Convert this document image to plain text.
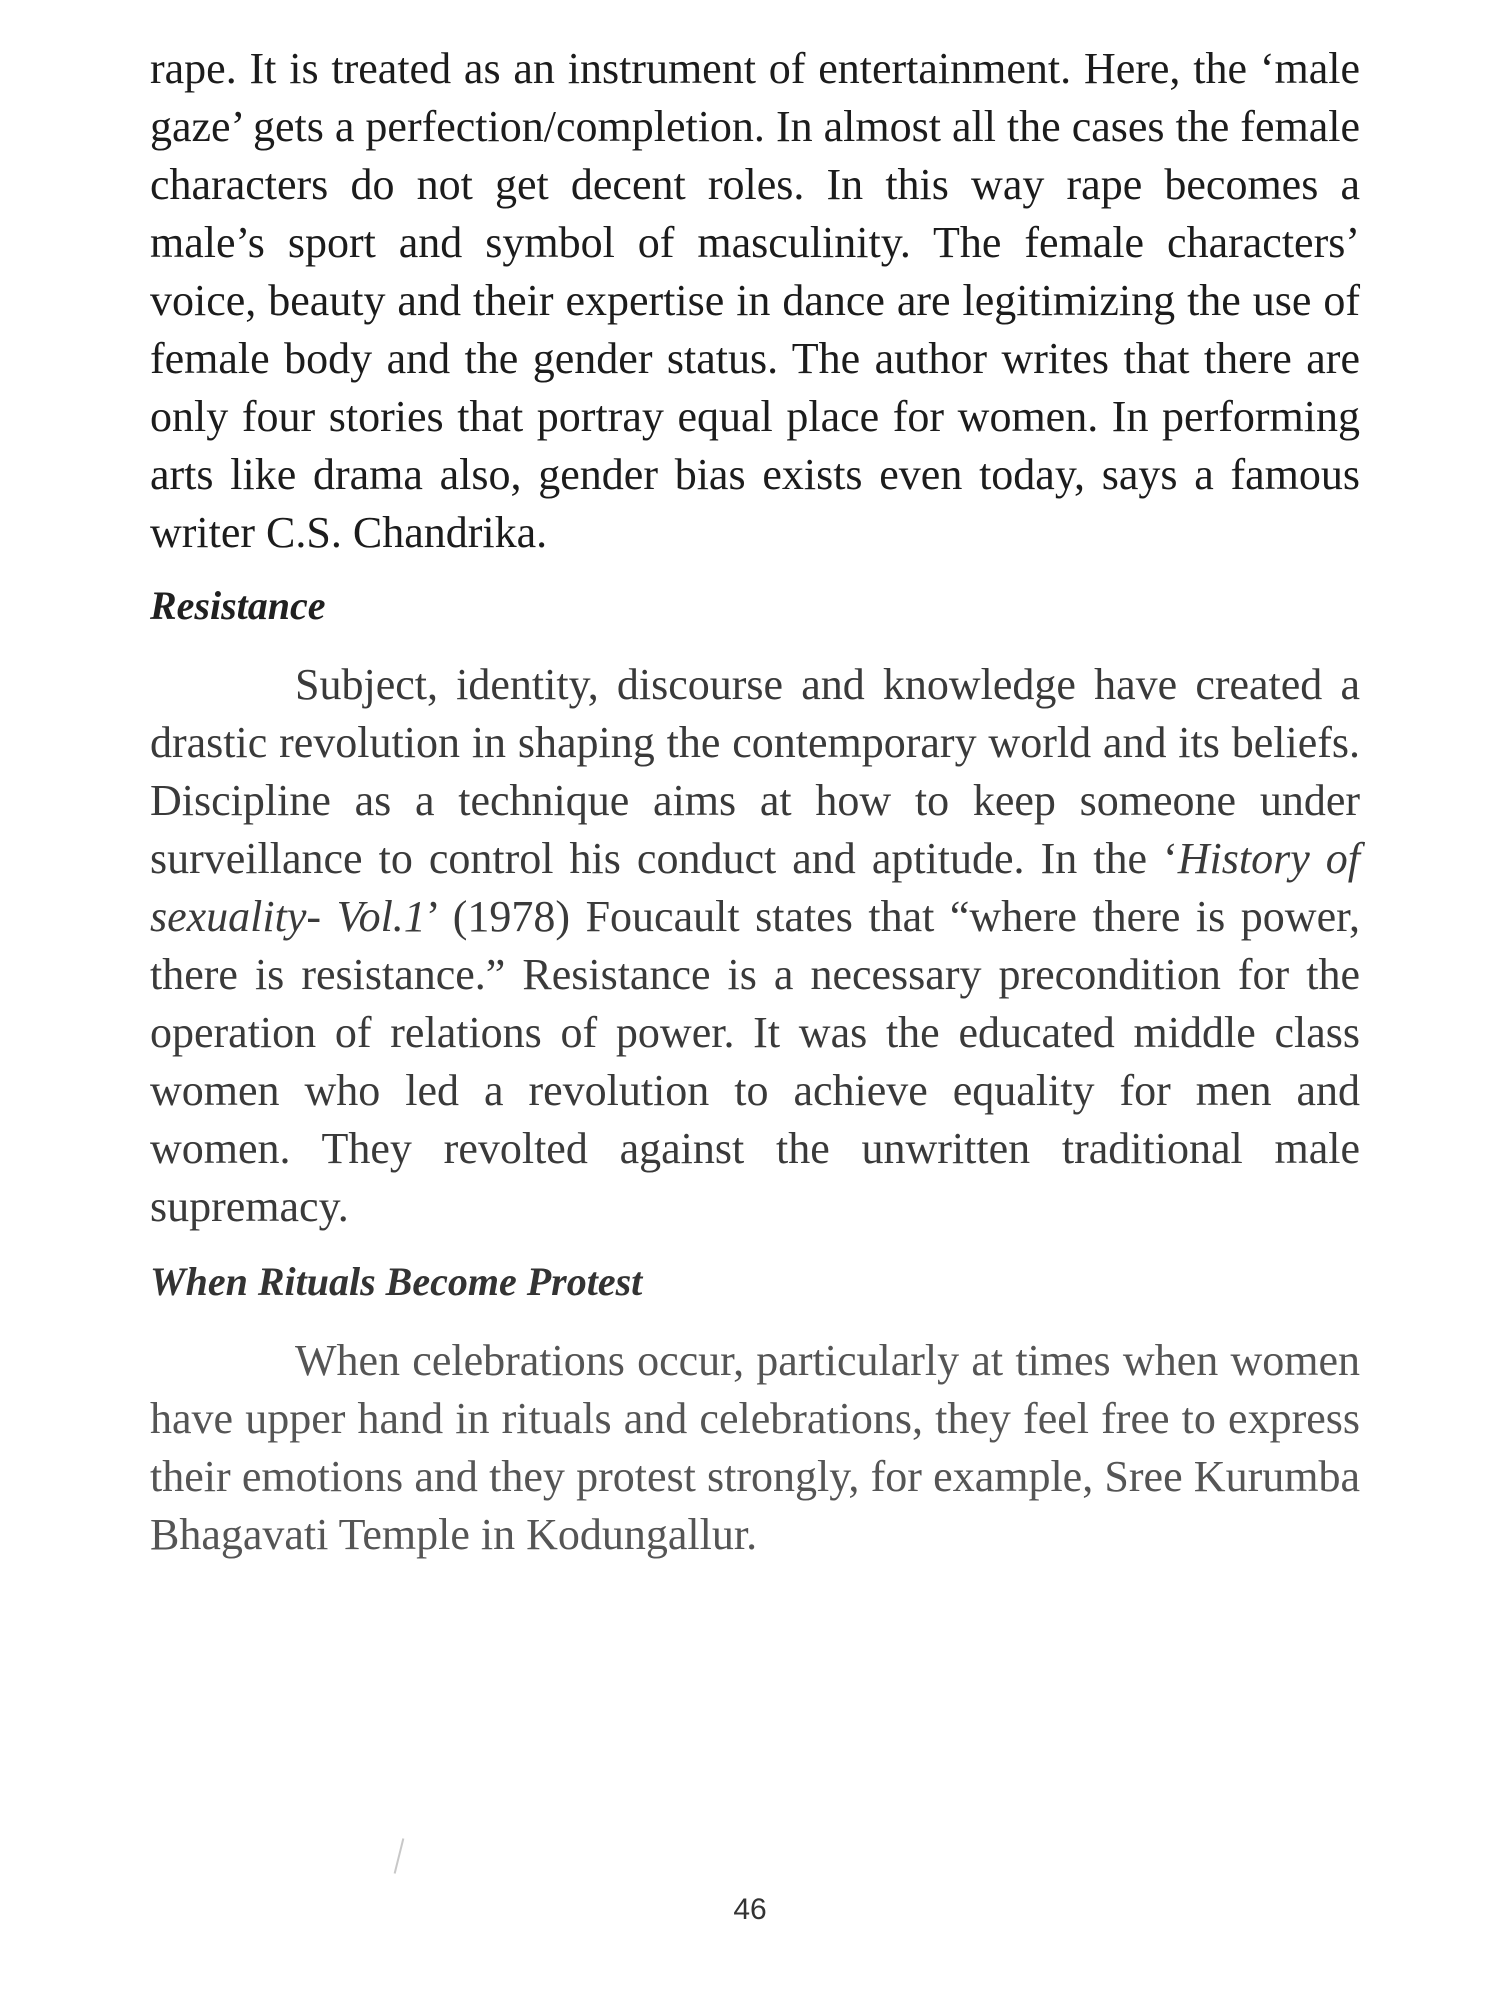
rape. It is treated as an instrument of entertainment. Here, the ‘male gaze’ gets a perfection/completion. In almost all the cases the female characters do not get decent roles. In this way rape becomes a male’s sport and symbol of masculinity. The female characters’ voice, beauty and their expertise in dance are legitimizing the use of female body and the gender status. The author writes that there are only four stories that portray equal place for women. In performing arts like drama also, gender bias exists even today, says a famous writer C.S. Chandrika.

Resistance

Subject, identity, discourse and knowledge have created a drastic revolution in shaping the contemporary world and its beliefs. Discipline as a technique aims at how to keep someone under surveillance to control his conduct and aptitude. In the ‘History of sexuality- Vol.1’ (1978) Foucault states that “where there is power, there is resistance.” Resistance is a necessary precondition for the operation of relations of power. It was the educated middle class women who led a revolution to achieve equality for men and women. They revolted against the unwritten traditional male supremacy.

When Rituals Become Protest

When celebrations occur, particularly at times when women have upper hand in rituals and celebrations, they feel free to express their emotions and they protest strongly, for example, Sree Kurumba Bhagavati Temple in Kodungallur.

46
